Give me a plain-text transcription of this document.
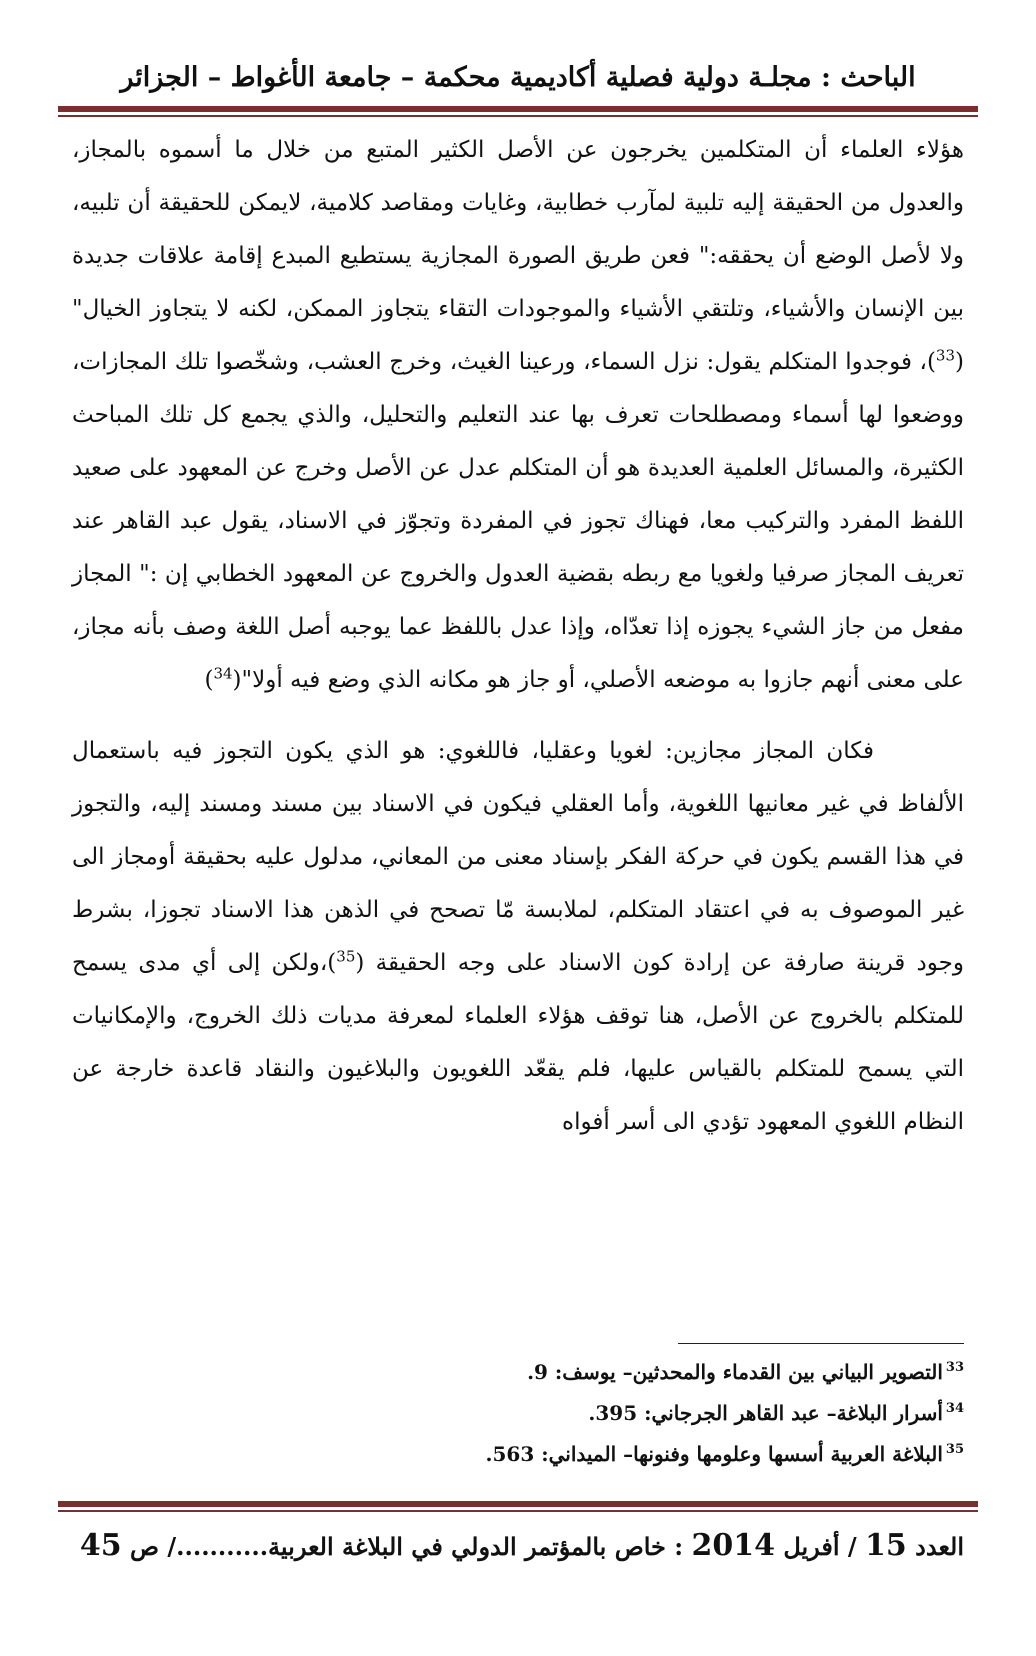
الباحث : مجلـة دولية فصلية أكاديمية محكمة – جامعة الأغواط – الجزائر

هؤلاء العلماء أن المتكلمين يخرجون عن الأصل الكثير المتبع من خلال ما أسموه بالمجاز، والعدول من الحقيقة إليه تلبية لمآرب خطابية، وغايات ومقاصد كلامية، لايمكن للحقيقة أن تلبيه، ولا لأصل الوضع أن يحققه:" فعن طريق الصورة المجازية يستطيع المبدع إقامة علاقات جديدة بين الإنسان والأشياء، وتلتقي الأشياء والموجودات التقاء يتجاوز الممكن، لكنه لا يتجاوز الخيال"($^{33}$)، فوجدوا المتكلم يقول: نزل السماء، ورعينا الغيث، وخرج العشب، وشخّصوا تلك المجازات، ووضعوا لها أسماء ومصطلحات تعرف بها عند التعليم والتحليل، والذي يجمع كل تلك المباحث الكثيرة، والمسائل العلمية العديدة هو أن المتكلم عدل عن الأصل وخرج عن المعهود على صعيد اللفظ المفرد والتركيب معا، فهناك تجوز في المفردة وتجوّز في الاسناد، يقول عبد القاهر عند تعريف المجاز صرفيا ولغويا مع ربطه بقضية العدول والخروج عن المعهود الخطابي إن :" المجاز مفعل من جاز الشيء يجوزه إذا تعدّاه، وإذا عدل باللفظ عما يوجبه أصل اللغة وصف بأنه مجاز، على معنى أنهم جازوا به موضعه الأصلي، أو جاز هو مكانه الذي وضع فيه أولا"($^{34}$)

فكان المجاز مجازين: لغويا وعقليا، فاللغوي: هو الذي يكون التجوز فيه باستعمال الألفاظ في غير معانيها اللغوية، وأما العقلي فيكون في الاسناد بين مسند ومسند إليه، والتجوز في هذا القسم يكون في حركة الفكر بإسناد معنى من المعاني، مدلول عليه بحقيقة أومجاز الى غير الموصوف به في اعتقاد المتكلم، لملابسة مّا تصحح في الذهن هذا الاسناد تجوزا، بشرط وجود قرينة صارفة عن إرادة كون الاسناد على وجه الحقيقة ($^{35}$)،ولكن إلى أي مدى يسمح للمتكلم بالخروج عن الأصل، هنا توقف هؤلاء العلماء لمعرفة مديات ذلك الخروج، والإمكانيات التي يسمح للمتكلم بالقياس عليها، فلم يقعّد اللغويون والبلاغيون والنقاد قاعدة خارجة عن النظام اللغوي المعهود تؤدي الى أسر أفواه

$^{33}$التصوير البياني بين القدماء والمحدثين– يوسف: 9.

$^{34}$أسرار البلاغة– عبد القاهر الجرجاني: 395.

$^{35}$البلاغة العربية أسسها وعلومها وفنونها– الميداني: 563.

العدد 15 / أفريل 2014 : خاص بالمؤتمر الدولي في البلاغة العربية.........../ ص 45
